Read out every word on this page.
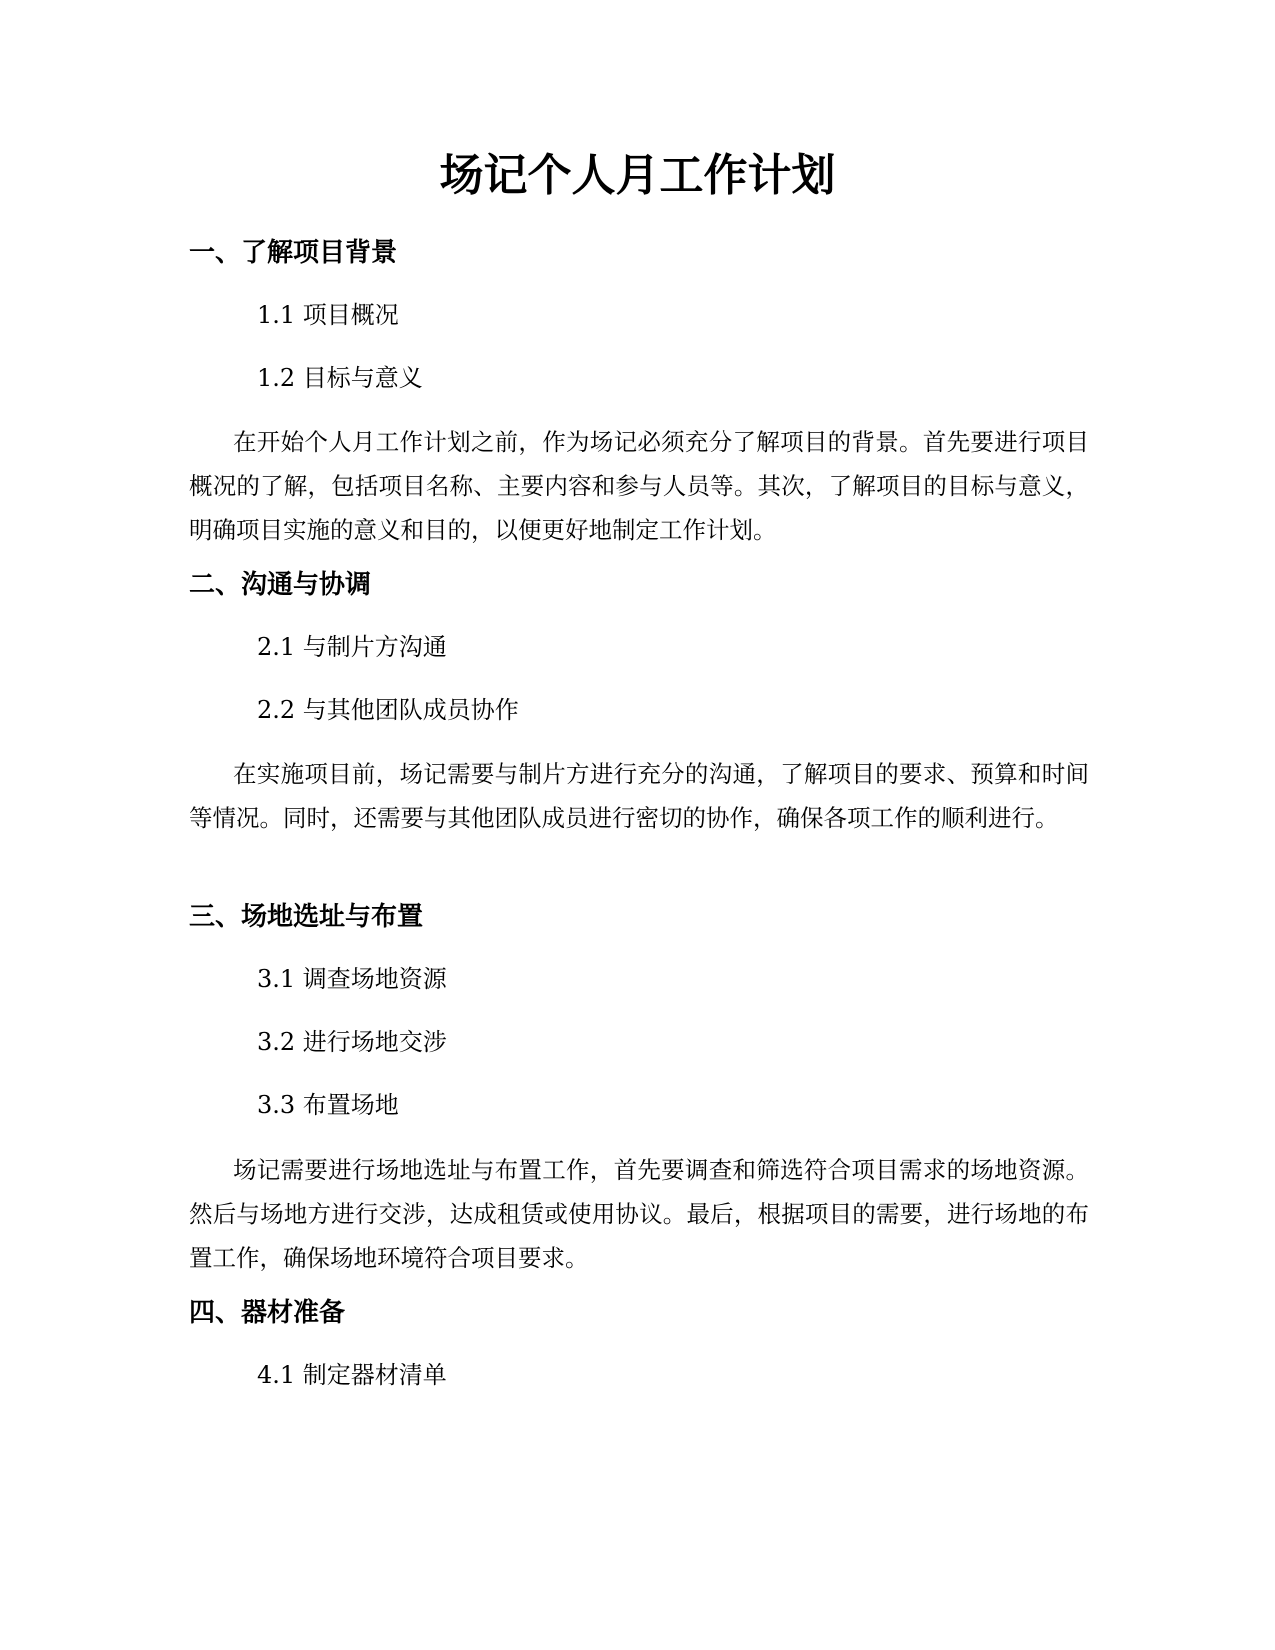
场记个人月工作计划
一、了解项目背景

1.1 项目概况

1.2 目标与意义

在开始个人月工作计划之前，作为场记必须充分了解项目的背景。首先要进行项目概况的了解，包括项目名称、主要内容和参与人员等。其次，了解项目的目标与意义，明确项目实施的意义和目的，以便更好地制定工作计划。

二、沟通与协调

2.1 与制片方沟通

2.2 与其他团队成员协作

在实施项目前，场记需要与制片方进行充分的沟通，了解项目的要求、预算和时间等情况。同时，还需要与其他团队成员进行密切的协作，确保各项工作的顺利进行。

三、场地选址与布置

3.1 调查场地资源

3.2 进行场地交涉

3.3 布置场地

场记需要进行场地选址与布置工作，首先要调查和筛选符合项目需求的场地资源。然后与场地方进行交涉，达成租赁或使用协议。最后，根据项目的需要，进行场地的布置工作，确保场地环境符合项目要求。

四、器材准备

4.1 制定器材清单
